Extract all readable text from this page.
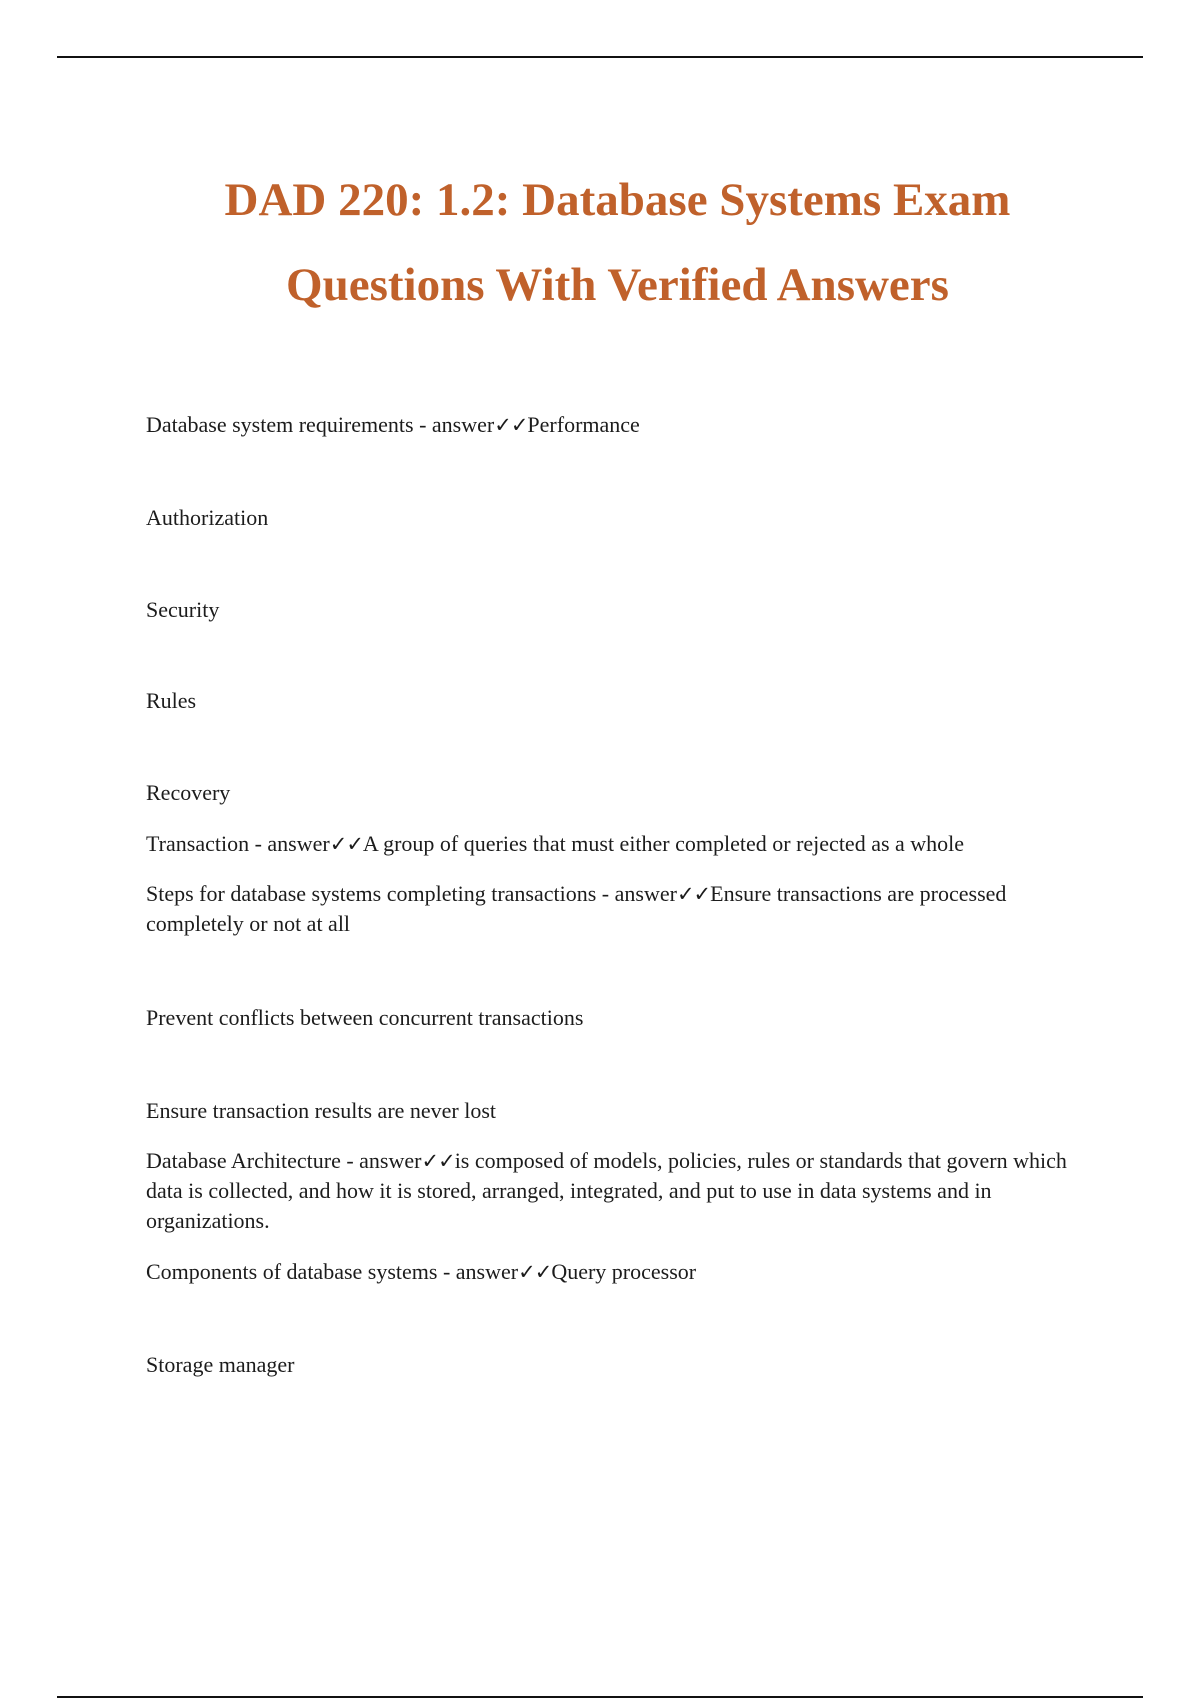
DAD 220: 1.2: Database Systems Exam
Questions With Verified Answers

Database system requirements - answer✓✓Performance

Authorization

Security

Rules

Recovery

Transaction - answer✓✓A group of queries that must either completed or rejected as a whole

Steps for database systems completing transactions - answer✓✓Ensure transactions are processed completely or not at all

Prevent conflicts between concurrent transactions

Ensure transaction results are never lost

Database Architecture - answer✓✓is composed of models, policies, rules or standards that govern which data is collected, and how it is stored, arranged, integrated, and put to use in data systems and in organizations.

Components of database systems - answer✓✓Query processor

Storage manager
